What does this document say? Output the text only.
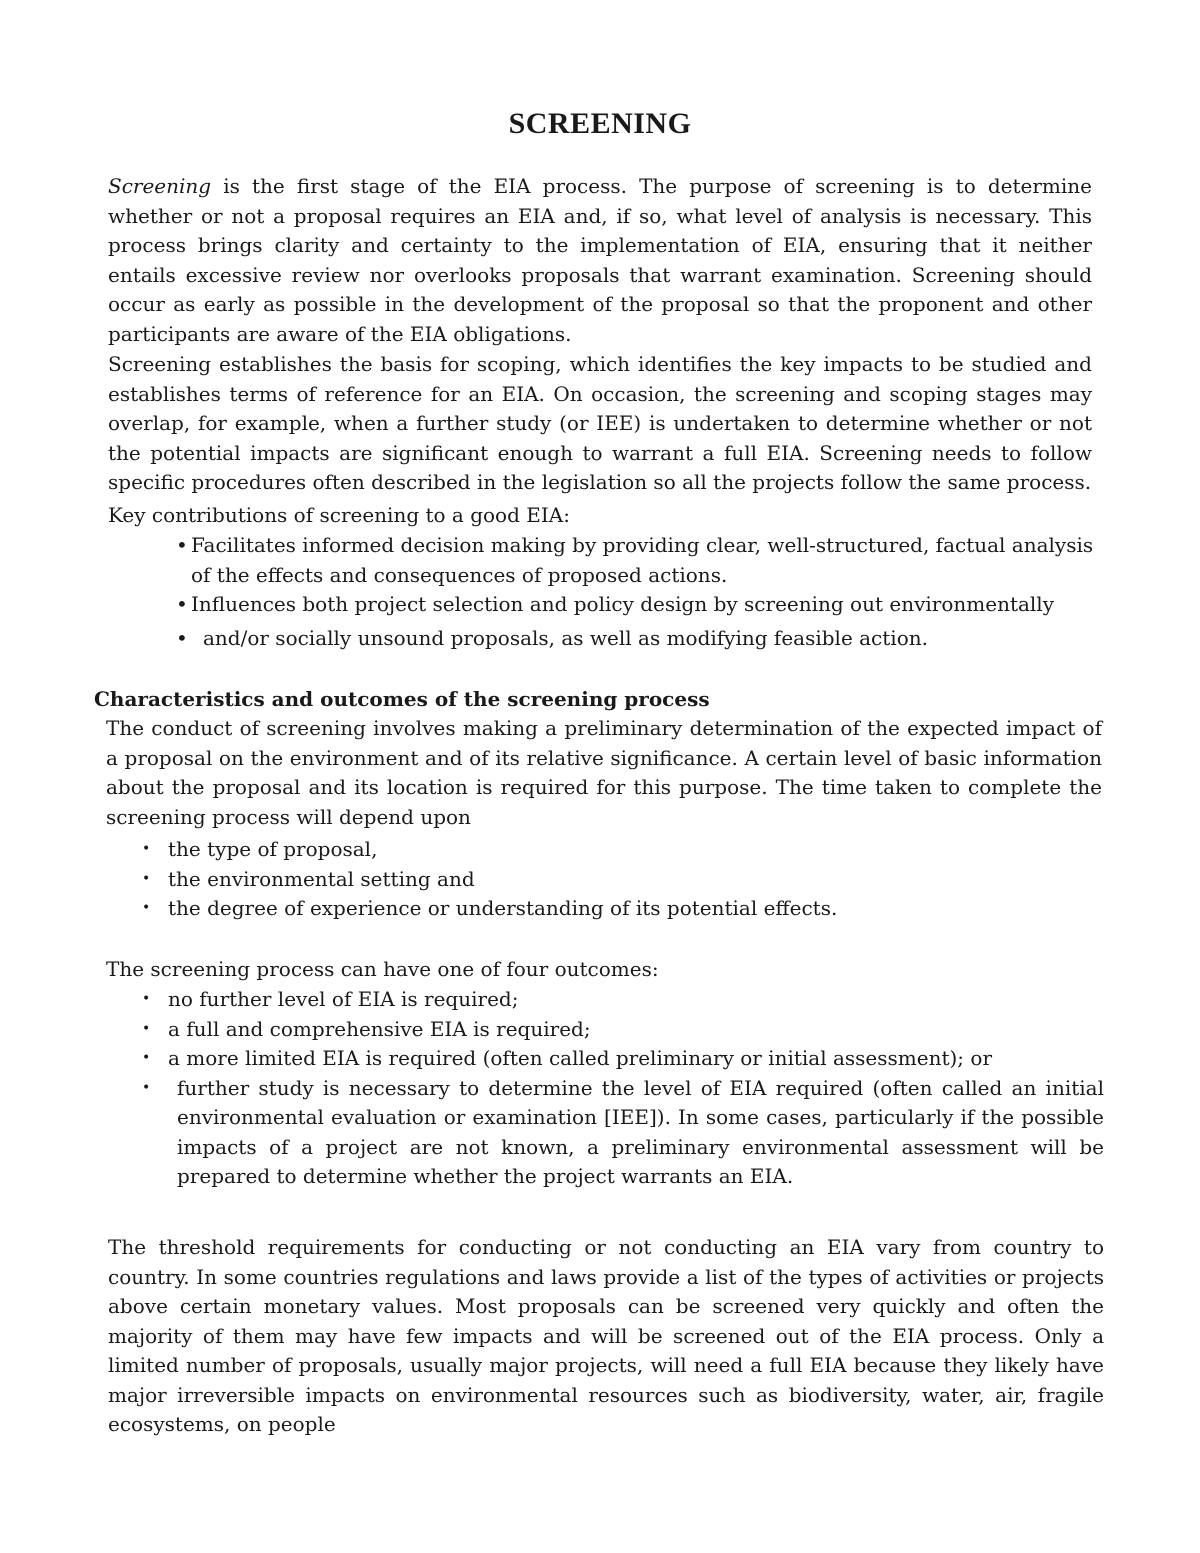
SCREENING

Screening is the first stage of the EIA process. The purpose of screening is to determine whether or not a proposal requires an EIA and, if so, what level of analysis is necessary. This process brings clarity and certainty to the implementation of EIA, ensuring that it neither entails excessive review nor overlooks proposals that warrant examination. Screening should occur as early as possible in the development of the proposal so that the proponent and other participants are aware of the EIA obligations.

Screening establishes the basis for scoping, which identifies the key impacts to be studied and establishes terms of reference for an EIA. On occasion, the screening and scoping stages may overlap, for example, when a further study (or IEE) is undertaken to determine whether or not the potential impacts are significant enough to warrant a full EIA. Screening needs to follow specific procedures often described in the legislation so all the projects follow the same process.

Key contributions of screening to a good EIA:

• Facilitates informed decision making by providing clear, well-structured, factual analysis of the effects and consequences of proposed actions.
• Influences both project selection and policy design by screening out environmentally
• and/or socially unsound proposals, as well as modifying feasible action.
Characteristics and outcomes of the screening process

The conduct of screening involves making a preliminary determination of the expected impact of a proposal on the environment and of its relative significance. A certain level of basic information about the proposal and its location is required for this purpose. The time taken to complete the screening process will depend upon

• the type of proposal,
• the environmental setting and
• the degree of experience or understanding of its potential effects.

The screening process can have one of four outcomes:

• no further level of EIA is required;
• a full and comprehensive EIA is required;
• a more limited EIA is required (often called preliminary or initial assessment); or
• further study is necessary to determine the level of EIA required (often called an initial environmental evaluation or examination [IEE]). In some cases, particularly if the possible impacts of a project are not known, a preliminary environmental assessment will be prepared to determine whether the project warrants an EIA.

The threshold requirements for conducting or not conducting an EIA vary from country to country. In some countries regulations and laws provide a list of the types of activities or projects above certain monetary values. Most proposals can be screened very quickly and often the majority of them may have few impacts and will be screened out of the EIA process. Only a limited number of proposals, usually major projects, will need a full EIA because they likely have major irreversible impacts on environmental resources such as biodiversity, water, air, fragile ecosystems, on people
